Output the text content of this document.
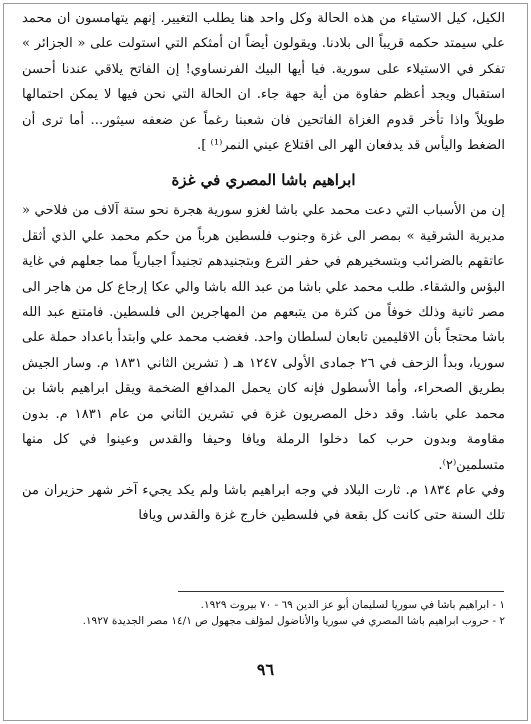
الكيل، كيل الاستياء من هذه الحالة وكل واحد هنا يطلب التغيير. إنهم يتهامسون ان محمد علي سيمتد حكمه قريباً الى بلادنا. ويقولون أيضاً ان أمثكم التي استولت على « الجزائر » تفكر في الاستيلاء على سورية. فيا أيها البيك الفرنساوي! إن الفاتح يلاقي عندنا أحسن استقبال ويجد أعظم حفاوة من أية جهة جاء. ان الحالة التي نحن فيها لا يمكن احتمالها طويلاً واذا تأخر قدوم الغزاة الفاتحين فان شعبنا رغماً عن ضعفه سيثور... أما ترى أن الضغط واليأس قد يدفعان الهر الى اقتلاع عيني النمر⁽¹⁾ ].

ابراهيم باشا المصري في غزة

إن من الأسباب التي دعت محمد علي باشا لغزو سورية هجرة نحو ستة آلاف من فلاحي « مديرية الشرقية » بمصر الى غزة وجنوب فلسطين هرباً من حكم محمد علي الذي أثقل عاتقهم بالضرائب وبتسخيرهم في حفر الترع وبتجنيدهم تجنيداً اجبارياً مما جعلهم في غاية البؤس والشقاء. طلب محمد علي باشا من عبد الله باشا والي عكا إرجاع كل من هاجر الى مصر ثانية وذلك خوفاً من كثرة من يتبعهم من المهاجرين الى فلسطين. فامتنع عبد الله باشا محتجاً بأن الاقليمين تابعان لسلطان واحد. فغضب محمد علي وابتدأ باعداد حملة على سوريا، وبدأ الزحف في ٢٦ جمادى الأولى ١٢٤٧ هـ ( تشرين الثاني ١٨٣١ م. وسار الجيش بطريق الصحراء، وأما الأسطول فإنه كان يحمل المدافع الضخمة ويقل ابراهيم باشا بن محمد علي باشا. وقد دخل المصريون غزة في تشرين الثاني من عام ١٨٣١ م. بدون مقاومة وبدون حرب كما دخلوا الرملة ويافا وحيفا والقدس وعينوا في كل منها متسلمين⁽٢⁾.

وفي عام ١٨٣٤ م. ثارت البلاد في وجه ابراهيم باشا ولم يكد يجيء آخر شهر حزيران من تلك السنة حتى كانت كل بقعة في فلسطين خارج غزة والقدس ويافا

١ - ابراهيم باشا في سوريا لسليمان أبو عز الدين ٦٩ - ٧٠ بيروت ١٩٢٩.
٢ - حروب ابراهيم باشا المصري في سوريا والأناضول لمؤلف مجهول ص ١٤/١ مصر الجديدة ١٩٢٧.
٩٦
